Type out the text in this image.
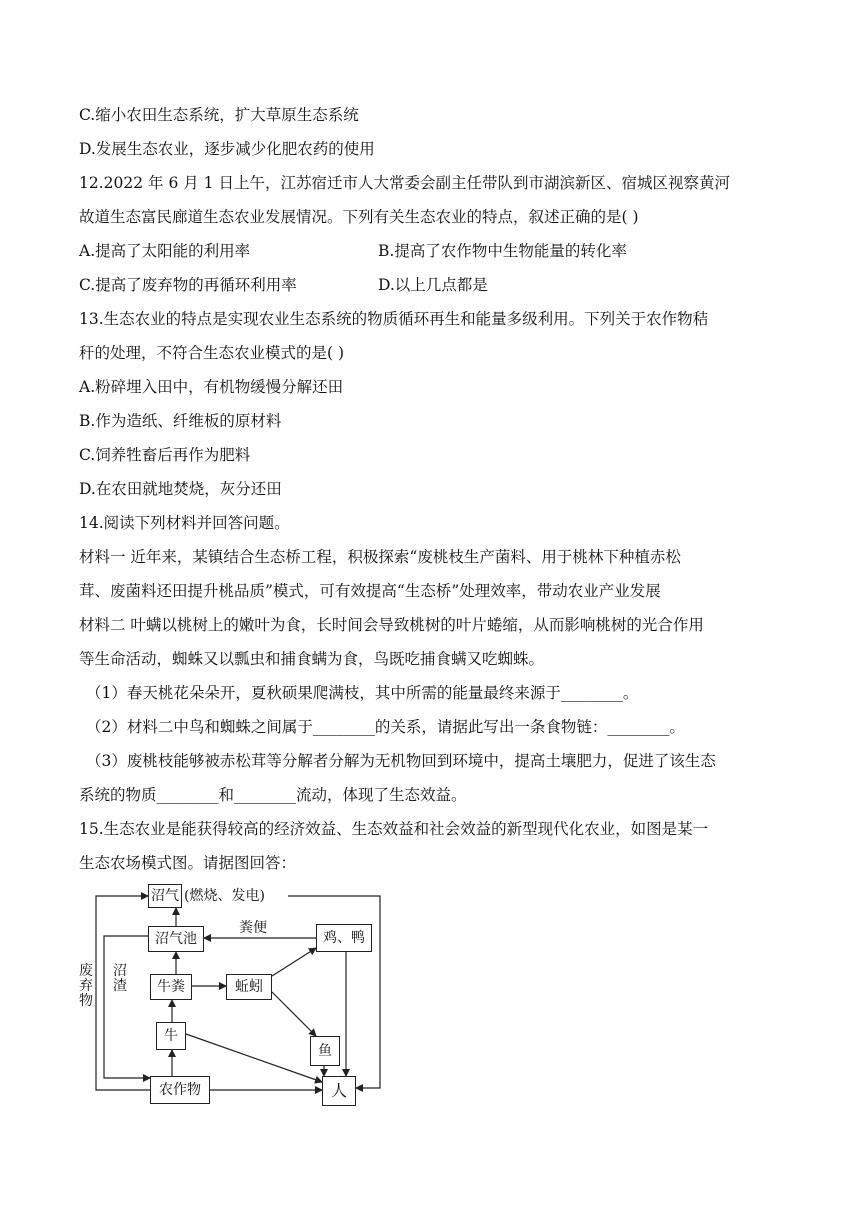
C.缩小农田生态系统，扩大草原生态系统
D.发展生态农业，逐步减少化肥农药的使用
12.2022 年 6 月 1 日上午，江苏宿迁市人大常委会副主任带队到市湖滨新区、宿城区视察黄河
故道生态富民廊道生态农业发展情况。下列有关生态农业的特点，叙述正确的是( )
A.提高了太阳能的利用率	B.提高了农作物中生物能量的转化率
C.提高了废弃物的再循环利用率	D.以上几点都是
13.生态农业的特点是实现农业生态系统的物质循环再生和能量多级利用。下列关于农作物秸
秆的处理，不符合生态农业模式的是( )
A.粉碎埋入田中，有机物缓慢分解还田
B.作为造纸、纤维板的原材料
C.饲养牲畜后再作为肥料
D.在农田就地焚烧，灰分还田
14.阅读下列材料并回答问题。
材料一 近年来，某镇结合生态桥工程，积极探索“废桃枝生产菌料、用于桃林下种植赤松
茸、废菌料还田提升桃品质”模式，可有效提高“生态桥”处理效率，带动农业产业发展
材料二 叶螨以桃树上的嫩叶为食，长时间会导致桃树的叶片蜷缩，从而影响桃树的光合作用
等生命活动，蜘蛛又以瓢虫和捕食螨为食，鸟既吃捕食螨又吃蜘蛛。
（1）春天桃花朵朵开，夏秋硕果爬满枝，其中所需的能量最终来源于________。
（2）材料二中鸟和蜘蛛之间属于________的关系，请据此写出一条食物链：________。
（3）废桃枝能够被赤松茸等分解者分解为无机物回到环境中，提高土壤肥力，促进了该生态
系统的物质________和________流动，体现了生态效益。
15.生态农业是能获得较高的经济效益、生态效益和社会效益的新型现代化农业，如图是某一
生态农场模式图。请据图回答：
沼气 (燃烧、发电)
粪便
沼气池	鸡、鸭
废弃物
沼渣 牛粪	蚯蚓
牛
鱼
农作物	人
